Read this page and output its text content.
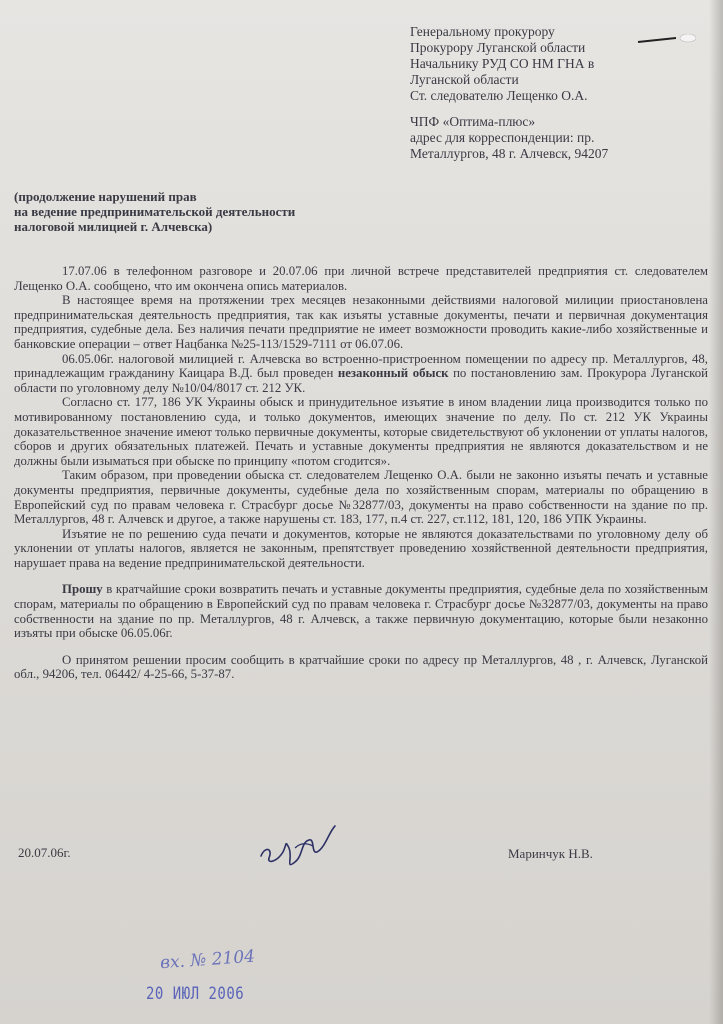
Генеральному прокурору
Прокурору Луганской области
Начальнику РУД СО НМ ГНА в
Луганской области
Ст. следователю Лещенко О.А.
ЧПФ «Оптима-плюс»
адрес для корреспонденции: пр.
Металлургов, 48 г. Алчевск, 94207
(продолжение нарушений прав
на ведение предпринимательской деятельности
налоговой милицией г. Алчевска)

17.07.06 в телефонном разговоре и 20.07.06 при личной встрече представителей предприятия ст. следователем Лещенко О.А. сообщено, что им окончена опись материалов.

В настоящее время на протяжении трех месяцев незаконными действиями налоговой милиции приостановлена предпринимательская деятельность предприятия, так как изъяты уставные документы, печати и первичная документация предприятия, судебные дела. Без наличия печати предприятие не имеет возможности проводить какие-либо хозяйственные и банковские операции – ответ Нацбанка №25-113/1529-7111 от 06.07.06.

06.05.06г. налоговой милицией г. Алчевска во встроенно-пристроенном помещении по адресу пр. Металлургов, 48, принадлежащим гражданину Каицара В.Д. был проведен незаконный обыск по постановлению зам. Прокурора Луганской области по уголовному делу №10/04/8017 ст. 212 УК.

Согласно ст. 177, 186 УК Украины обыск и принудительное изъятие в ином владении лица производится только по мотивированному постановлению суда, и только документов, имеющих значение по делу. По ст. 212 УК Украины доказательственное значение имеют только первичные документы, которые свидетельствуют об уклонении от уплаты налогов, сборов и других обязательных платежей. Печать и уставные документы предприятия не являются доказательством и не должны были изыматься при обыске по принципу «потом сгодится».

Таким образом, при проведении обыска ст. следователем Лещенко О.А. были не законно изъяты печать и уставные документы предприятия, первичные документы, судебные дела по хозяйственным спорам, материалы по обращению в Европейский суд по правам человека г. Страсбург досье №32877/03, документы на право собственности на здание по пр. Металлургов, 48 г. Алчевск и другое, а также нарушены ст. 183, 177, п.4 ст. 227, ст.112, 181, 120, 186 УПК Украины.

Изъятие не по решению суда печати и документов, которые не являются доказательствами по уголовному делу об уклонении от уплаты налогов, является не законным, препятствует проведению хозяйственной деятельности предприятия, нарушает права на ведение предпринимательской деятельности.

Прошу в кратчайшие сроки возвратить печать и уставные документы предприятия, судебные дела по хозяйственным спорам, материалы по обращению в Европейский суд по правам человека г. Страсбург досье №32877/03, документы на право собственности на здание по пр. Металлургов, 48 г. Алчевск, а также первичную документацию, которые были незаконно изъяты при обыске 06.05.06г.

О принятом решении просим сообщить в кратчайшие сроки по адресу пр Металлургов, 48 , г. Алчевск, Луганской обл., 94206, тел. 06442/ 4-25-66, 5-37-87.

20.07.06г.	Маринчук Н.В.
вх. № 2104
20 ИЮЛ 2006
